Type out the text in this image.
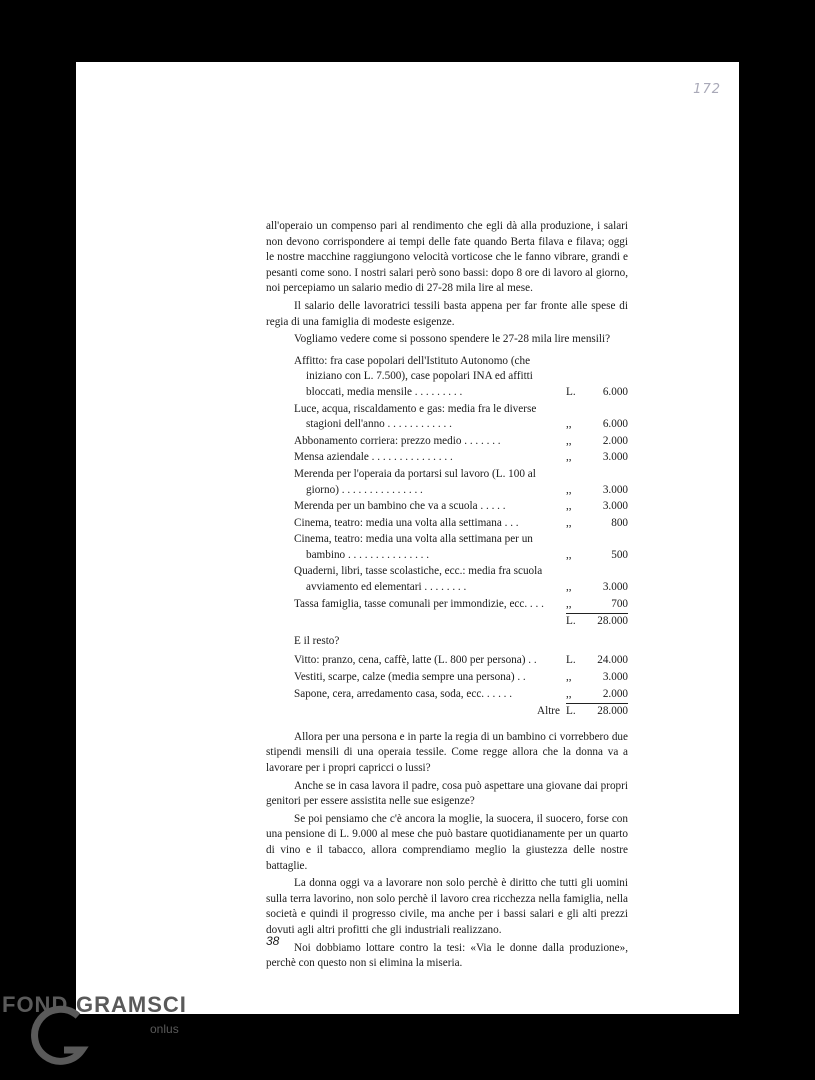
172

all'operaio un compenso pari al rendimento che egli dà alla produzione, i salari non devono corrispondere ai tempi delle fate quando Berta filava e filava; oggi le nostre macchine raggiungono velocità vorticose che le fanno vibrare, grandi e pesanti come sono. I nostri salari però sono bassi: dopo 8 ore di lavoro al giorno, noi percepiamo un salario medio di 27-28 mila lire al mese.

Il salario delle lavoratrici tessili basta appena per far fronte alle spese di regia di una famiglia di modeste esigenze.

Vogliamo vedere come si possono spendere le 27-28 mila lire mensili?

Affitto: fra case popolari dell'Istituto Autonomo (che iniziano con L. 7.500), case popolari INA ed affitti bloccati, media mensile . . . . . . . . .	L.	6.000
Luce, acqua, riscaldamento e gas: media fra le diverse stagioni dell'anno . . . . . . . . . . . .	,,	6.000
Abbonamento corriera: prezzo medio . . . . . . .	,,	2.000
Mensa aziendale . . . . . . . . . . . . . . .	,,	3.000
Merenda per l'operaia da portarsi sul lavoro (L. 100 al giorno) . . . . . . . . . . . . . . .	,,	3.000
Merenda per un bambino che va a scuola . . . . .	,,	3.000
Cinema, teatro: media una volta alla settimana . . .	,,	800
Cinema, teatro: media una volta alla settimana per un bambino . . . . . . . . . . . . . . .	,,	500
Quaderni, libri, tasse scolastiche, ecc.: media fra scuola avviamento ed elementari . . . . . . . .	,,	3.000
Tassa famiglia, tasse comunali per immondizie, ecc. . . .	,,	700
L.	28.000
E il resto?
Vitto: pranzo, cena, caffè, latte (L. 800 per persona) . .	L.	24.000
Vestiti, scarpe, calze (media sempre una persona) . .	,,	3.000
Sapone, cera, arredamento casa, soda, ecc. . . . . .	,,	2.000
Altre L.	28.000

Allora per una persona e in parte la regia di un bambino ci vorrebbero due stipendi mensili di una operaia tessile. Come regge allora che la donna va a lavorare per i propri capricci o lussi?

Anche se in casa lavora il padre, cosa può aspettare una giovane dai propri genitori per essere assistita nelle sue esigenze?

Se poi pensiamo che c'è ancora la moglie, la suocera, il suocero, forse con una pensione di L. 9.000 al mese che può bastare quotidianamente per un quarto di vino e il tabacco, allora comprendiamo meglio la giustezza delle nostre battaglie.

La donna oggi va a lavorare non solo perchè è diritto che tutti gli uomini sulla terra lavorino, non solo perchè il lavoro crea ricchezza nella famiglia, nella società e quindi il progresso civile, ma anche per i bassi salari e gli alti prezzi dovuti agli altri profitti che gli industriali realizzano.

Noi dobbiamo lottare contro la tesi: «Via le donne dalla produzione», perchè con questo non si elimina la miseria.

38
FOND GRAMSCI
onlus
